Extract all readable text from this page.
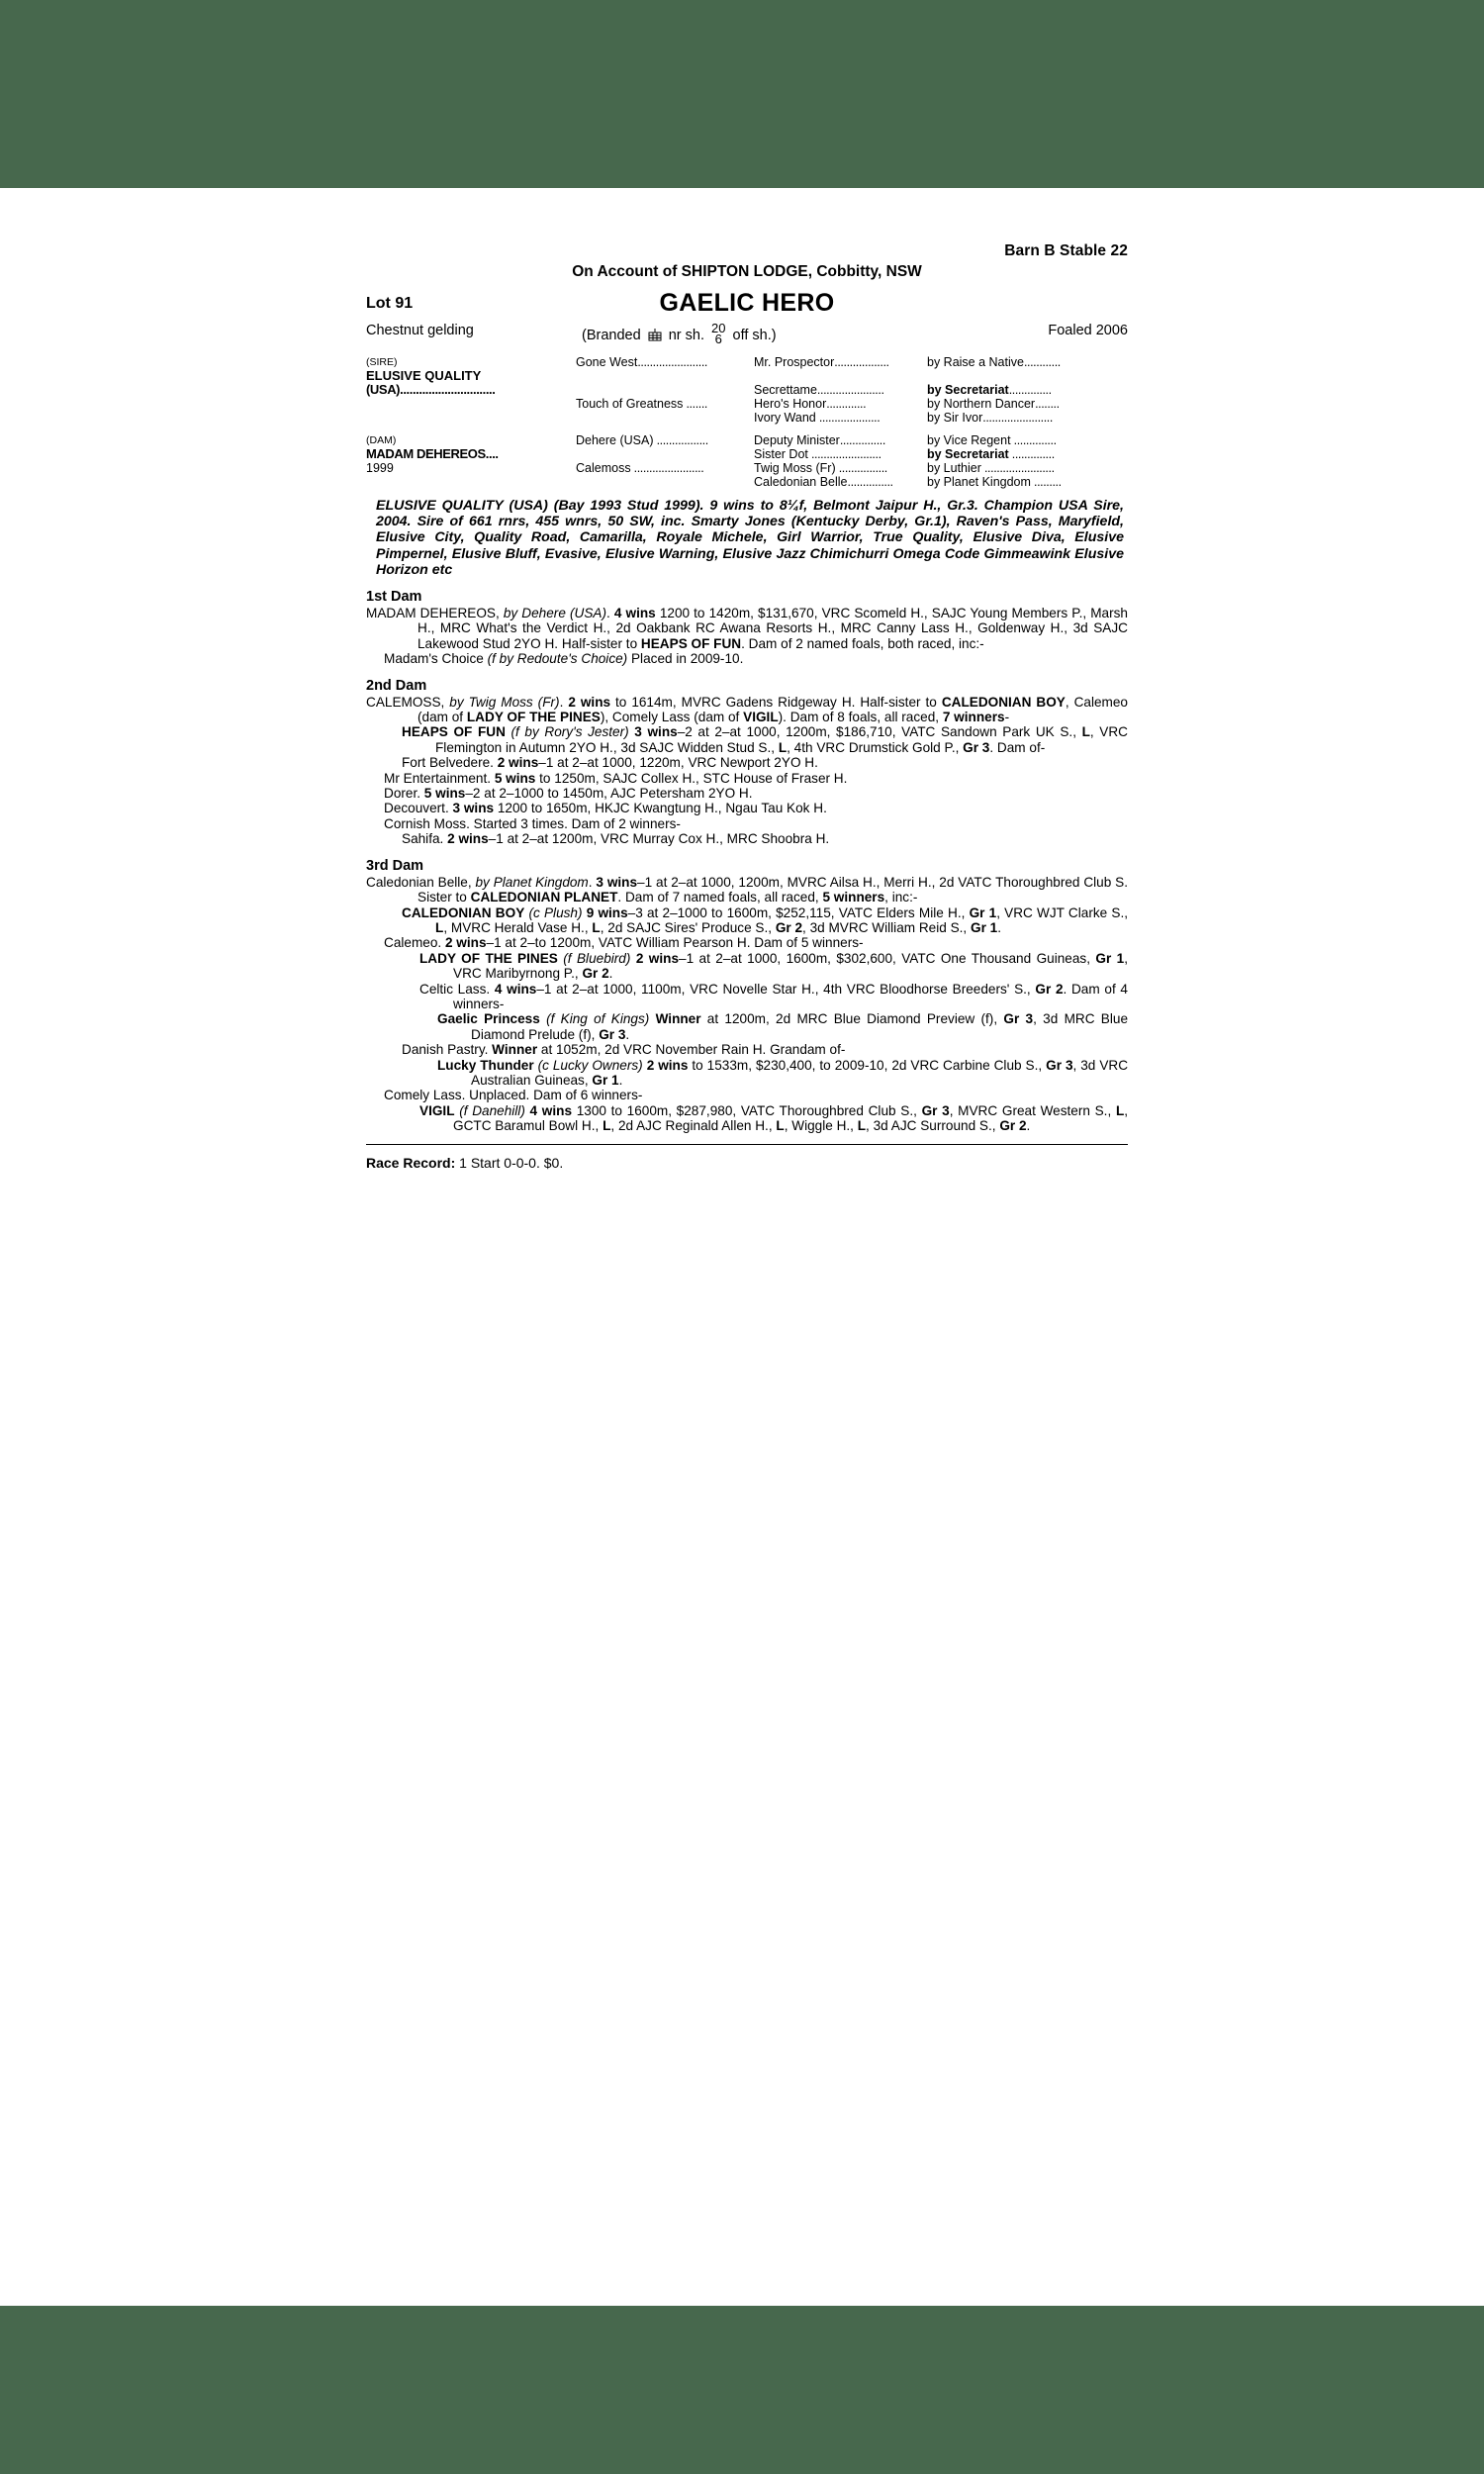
Barn B Stable 22
On Account of SHIPTON LODGE, Cobbitty, NSW
Lot 91	GAELIC HERO
Chestnut gelding	(Branded nr sh. 20
6 off sh.)	Foaled 2006
(SIRE)
ELUSIVE QUALITY
(USA)..............................
	Gone West.......................	Mr. Prospector..................	by Raise a Native............

		Secrettame......................	by Secretariat..............
	Touch of Greatness .......	Hero's Honor.............	by Northern Dancer........
		Ivory Wand ....................	by Sir Ivor.......................

(DAM)
MADAM DEHEREOS....
1999	Dehere (USA) .................	Deputy Minister...............	by Vice Regent ..............
		Sister Dot .......................	by Secretariat ..............
	Calemoss .......................	Twig Moss (Fr) ................	by Luthier .......................
		Caledonian Belle...............	by Planet Kingdom .........
ELUSIVE QUALITY (USA) (Bay 1993 Stud 1999). 9 wins to 8¼f, Belmont Jaipur H., Gr.3. Champion USA Sire, 2004. Sire of 661 rnrs, 455 wnrs, 50 SW, inc. Smarty Jones (Kentucky Derby, Gr.1), Raven's Pass, Maryfield, Elusive City, Quality Road, Camarilla, Royale Michele, Girl Warrior, True Quality, Elusive Diva, Elusive Pimpernel, Elusive Bluff, Evasive, Elusive Warning, Elusive Jazz Chimichurri Omega Code Gimmeawink Elusive Horizon etc
1st Dam
MADAM DEHEREOS, by Dehere (USA). 4 wins 1200 to 1420m, $131,670, VRC Scomeld H., SAJC Young Members P., Marsh H., MRC What's the Verdict H., 2d Oakbank RC Awana Resorts H., MRC Canny Lass H., Goldenway H., 3d SAJC Lakewood Stud 2YO H. Half-sister to HEAPS OF FUN. Dam of 2 named foals, both raced, inc:-
Madam's Choice (f by Redoute's Choice) Placed in 2009-10.
2nd Dam
CALEMOSS, by Twig Moss (Fr). 2 wins to 1614m, MVRC Gadens Ridgeway H. Half-sister to CALEDONIAN BOY, Calemeo (dam of LADY OF THE PINES), Comely Lass (dam of VIGIL). Dam of 8 foals, all raced, 7 winners-
HEAPS OF FUN (f by Rory's Jester) 3 wins–2 at 2–at 1000, 1200m, $186,710, VATC Sandown Park UK S., L, VRC Flemington in Autumn 2YO H., 3d SAJC Widden Stud S., L, 4th VRC Drumstick Gold P., Gr 3. Dam of-
Fort Belvedere. 2 wins–1 at 2–at 1000, 1220m, VRC Newport 2YO H.
Mr Entertainment. 5 wins to 1250m, SAJC Collex H., STC House of Fraser H.
Dorer. 5 wins–2 at 2–1000 to 1450m, AJC Petersham 2YO H.
Decouvert. 3 wins 1200 to 1650m, HKJC Kwangtung H., Ngau Tau Kok H.
Cornish Moss. Started 3 times. Dam of 2 winners-
Sahifa. 2 wins–1 at 2–at 1200m, VRC Murray Cox H., MRC Shoobra H.
3rd Dam
Caledonian Belle, by Planet Kingdom. 3 wins–1 at 2–at 1000, 1200m, MVRC Ailsa H., Merri H., 2d VATC Thoroughbred Club S. Sister to CALEDONIAN PLANET. Dam of 7 named foals, all raced, 5 winners, inc:-
CALEDONIAN BOY (c Plush) 9 wins–3 at 2–1000 to 1600m, $252,115, VATC Elders Mile H., Gr 1, VRC WJT Clarke S., L, MVRC Herald Vase H., L, 2d SAJC Sires' Produce S., Gr 2, 3d MVRC William Reid S., Gr 1.
Calemeo. 2 wins–1 at 2–to 1200m, VATC William Pearson H. Dam of 5 winners-
LADY OF THE PINES (f Bluebird) 2 wins–1 at 2–at 1000, 1600m, $302,600, VATC One Thousand Guineas, Gr 1, VRC Maribyrnong P., Gr 2.
Celtic Lass. 4 wins–1 at 2–at 1000, 1100m, VRC Novelle Star H., 4th VRC Bloodhorse Breeders' S., Gr 2. Dam of 4 winners-
Gaelic Princess (f King of Kings) Winner at 1200m, 2d MRC Blue Diamond Preview (f), Gr 3, 3d MRC Blue Diamond Prelude (f), Gr 3.
Danish Pastry. Winner at 1052m, 2d VRC November Rain H. Grandam of-
Lucky Thunder (c Lucky Owners) 2 wins to 1533m, $230,400, to 2009-10, 2d VRC Carbine Club S., Gr 3, 3d VRC Australian Guineas, Gr 1.
Comely Lass. Unplaced. Dam of 6 winners-
VIGIL (f Danehill) 4 wins 1300 to 1600m, $287,980, VATC Thoroughbred Club S., Gr 3, MVRC Great Western S., L, GCTC Baramul Bowl H., L, 2d AJC Reginald Allen H., L, Wiggle H., L, 3d AJC Surround S., Gr 2.
Race Record: 1 Start 0-0-0. $0.
